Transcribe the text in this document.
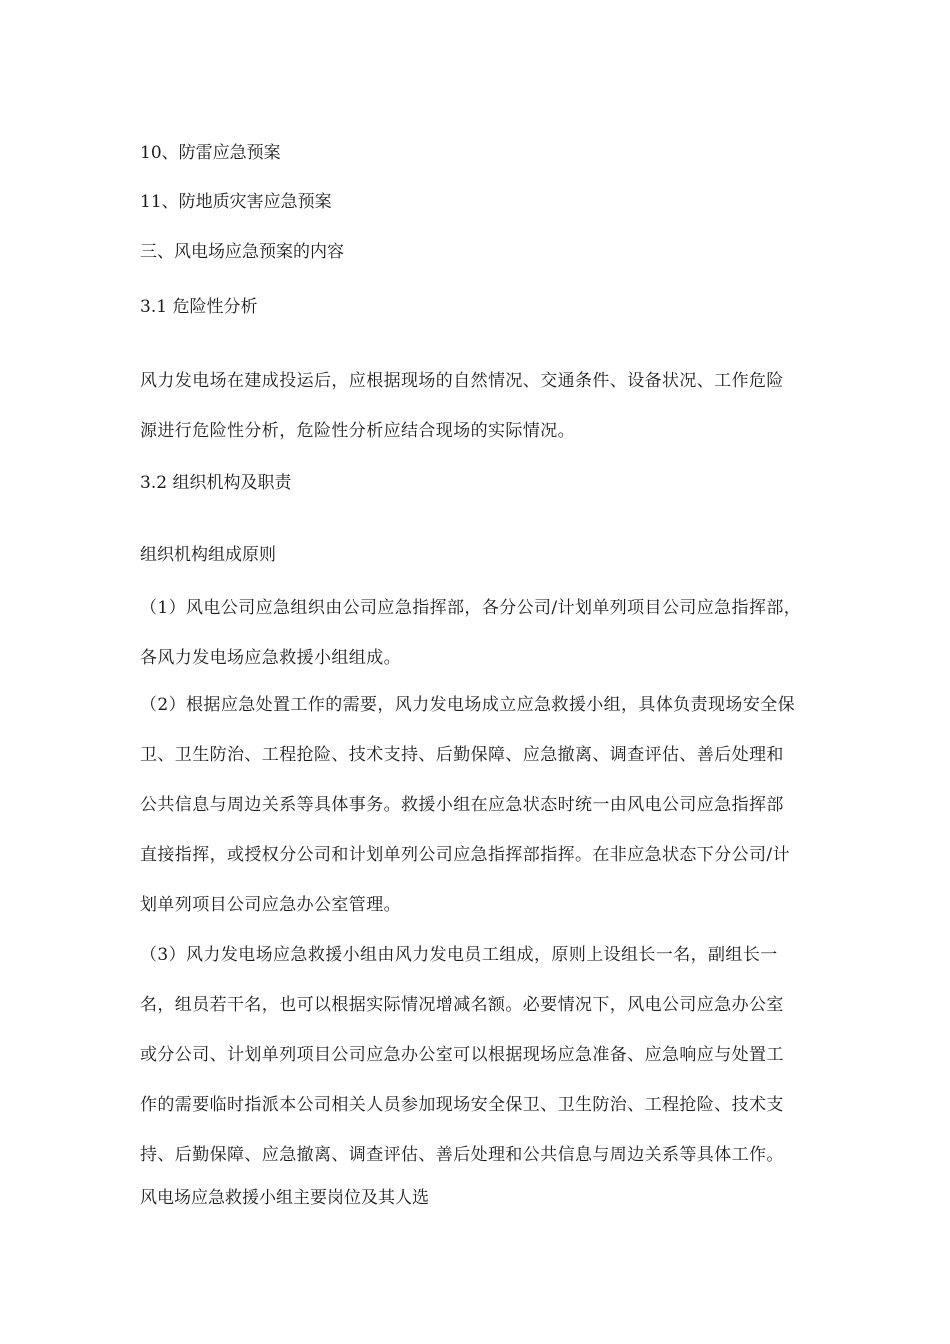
10、防雷应急预案
11、防地质灾害应急预案
三、风电场应急预案的内容
3.1 危险性分析
风力发电场在建成投运后，应根据现场的自然情况、交通条件、设备状况、工作危险
源进行危险性分析，危险性分析应结合现场的实际情况。
3.2 组织机构及职责
组织机构组成原则
（1）风电公司应急组织由公司应急指挥部，各分公司/计划单列项目公司应急指挥部，
各风力发电场应急救援小组组成。
（2）根据应急处置工作的需要，风力发电场成立应急救援小组，具体负责现场安全保
卫、卫生防治、工程抢险、技术支持、后勤保障、应急撤离、调查评估、善后处理和
公共信息与周边关系等具体事务。救援小组在应急状态时统一由风电公司应急指挥部
直接指挥，或授权分公司和计划单列公司应急指挥部指挥。在非应急状态下分公司/计
划单列项目公司应急办公室管理。
（3）风力发电场应急救援小组由风力发电员工组成，原则上设组长一名，副组长一
名，组员若干名，也可以根据实际情况增减名额。必要情况下，风电公司应急办公室
或分公司、计划单列项目公司应急办公室可以根据现场应急准备、应急响应与处置工
作的需要临时指派本公司相关人员参加现场安全保卫、卫生防治、工程抢险、技术支
持、后勤保障、应急撤离、调查评估、善后处理和公共信息与周边关系等具体工作。
风电场应急救援小组主要岗位及其人选
